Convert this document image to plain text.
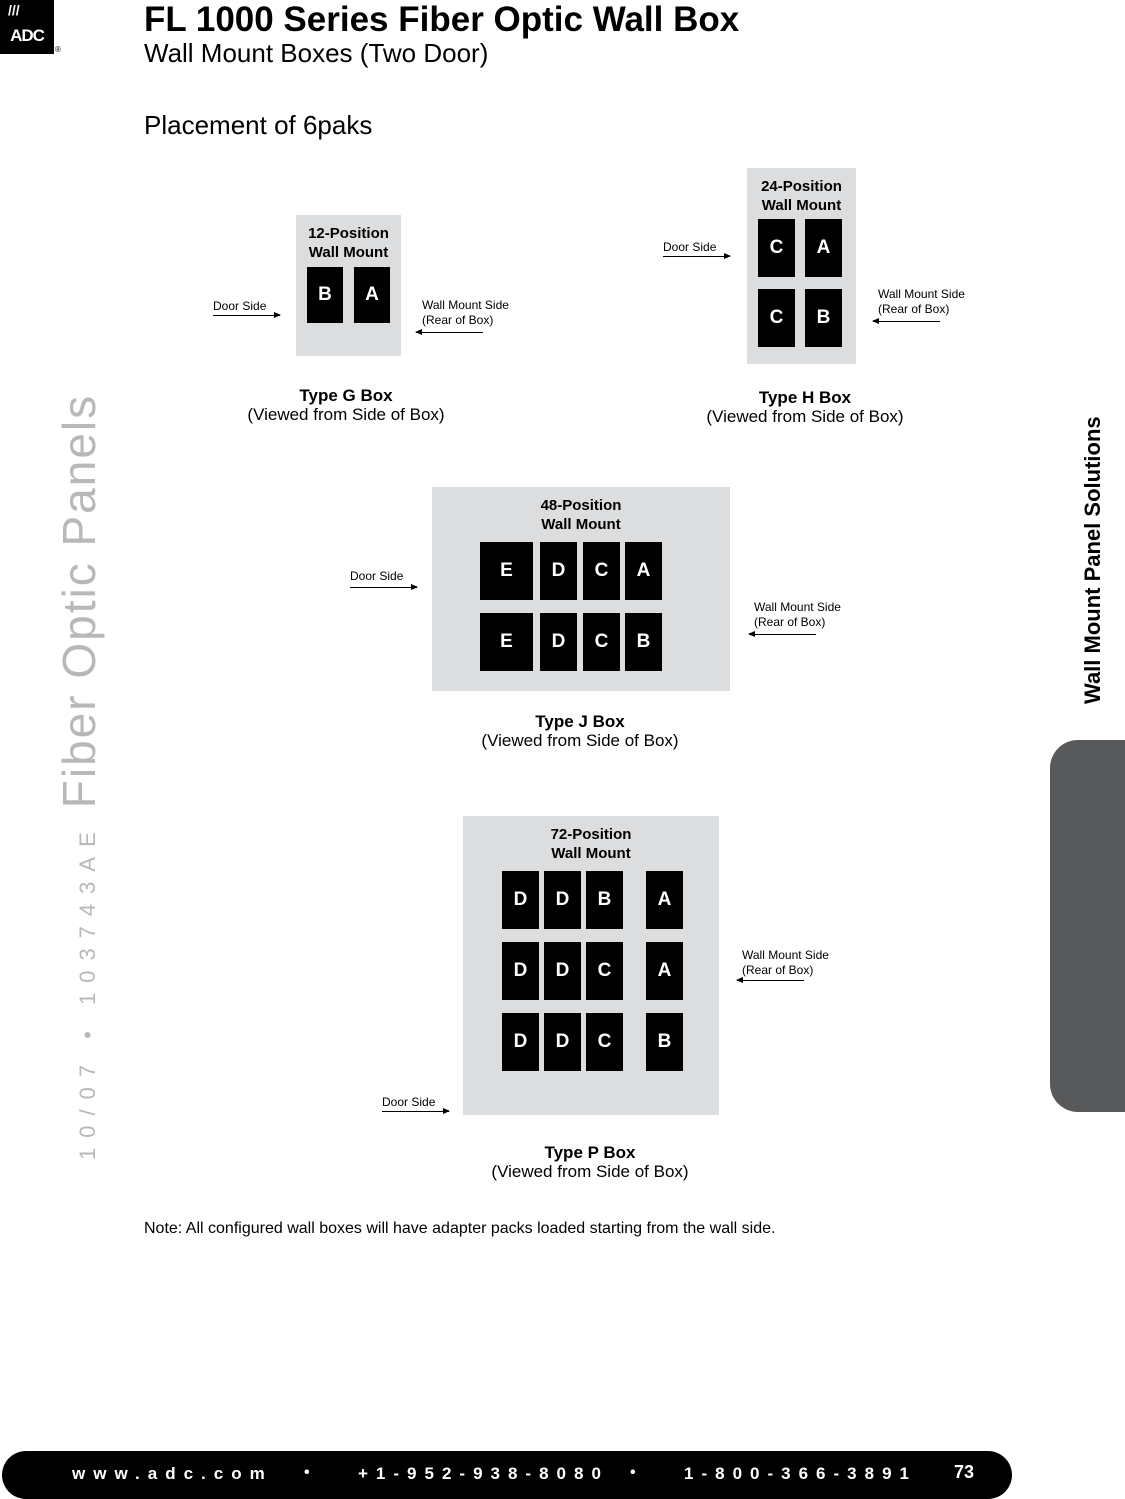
///
ADC
®
FL 1000 Series Fiber Optic Wall Box
Wall Mount Boxes (Two Door)
Placement of 6paks
10/07 • 103743AEFiber Optic Panels	Wall Mount Panel Solutions
12-Position
Wall Mount
B	A
Door Side	Wall Mount Side
(Rear of Box)
Type G Box
(Viewed from Side of Box)
24-Position
Wall Mount
C	A
C	B
Door Side
Wall Mount Side
(Rear of Box)
Type H Box
(Viewed from Side of Box)
48-Position
Wall Mount
E	D	C	A
E	D	C	B
Door Side
Wall Mount Side
(Rear of Box)
Type J Box
(Viewed from Side of Box)
72-Position
Wall Mount
D	D	B	A
D	D	C	A
D	D	C	B
Door Side
Wall Mount Side
(Rear of Box)
Type P Box
(Viewed from Side of Box)
Note: All configured wall boxes will have adapter packs loaded starting from the wall side.
www.adc.com •	+1-952-938-8080 •	1-800-366-3891 73
